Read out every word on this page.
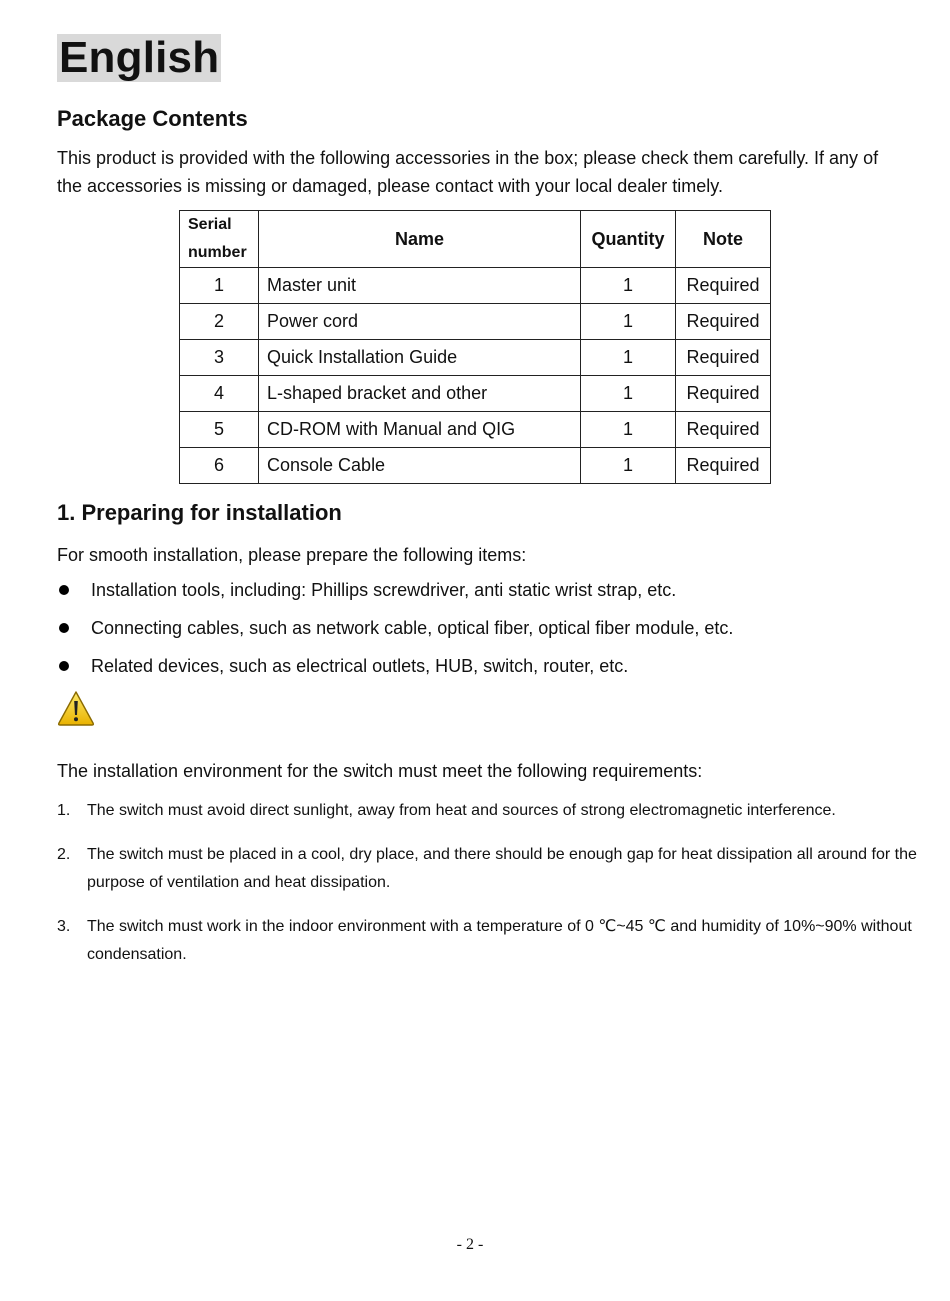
English
Package Contents

This product is provided with the following accessories in the box; please check them carefully. If any of the accessories is missing or damaged, please contact with your local dealer timely.

Serial number	Name	Quantity	Note
1	Master unit	1	Required
2	Power cord	1	Required
3	Quick Installation Guide	1	Required
4	L-shaped bracket and other	1	Required
5	CD-ROM with Manual and QIG	1	Required
6	Console Cable	1	Required
1. Preparing for installation

For smooth installation, please prepare the following items:

Installation tools, including: Phillips screwdriver, anti static wrist strap, etc.
Connecting cables, such as network cable, optical fiber, optical fiber module, etc.
Related devices, such as electrical outlets, HUB, switch, router, etc.

The installation environment for the switch must meet the following requirements:

1. The switch must avoid direct sunlight, away from heat and sources of strong electromagnetic interference.
2. The switch must be placed in a cool, dry place, and there should be enough gap for heat dissipation all around for the purpose of ventilation and heat dissipation.
3. The switch must work in the indoor environment with a temperature of 0 ℃~45 ℃ and humidity of 10%~90% without condensation.
- 2 -
